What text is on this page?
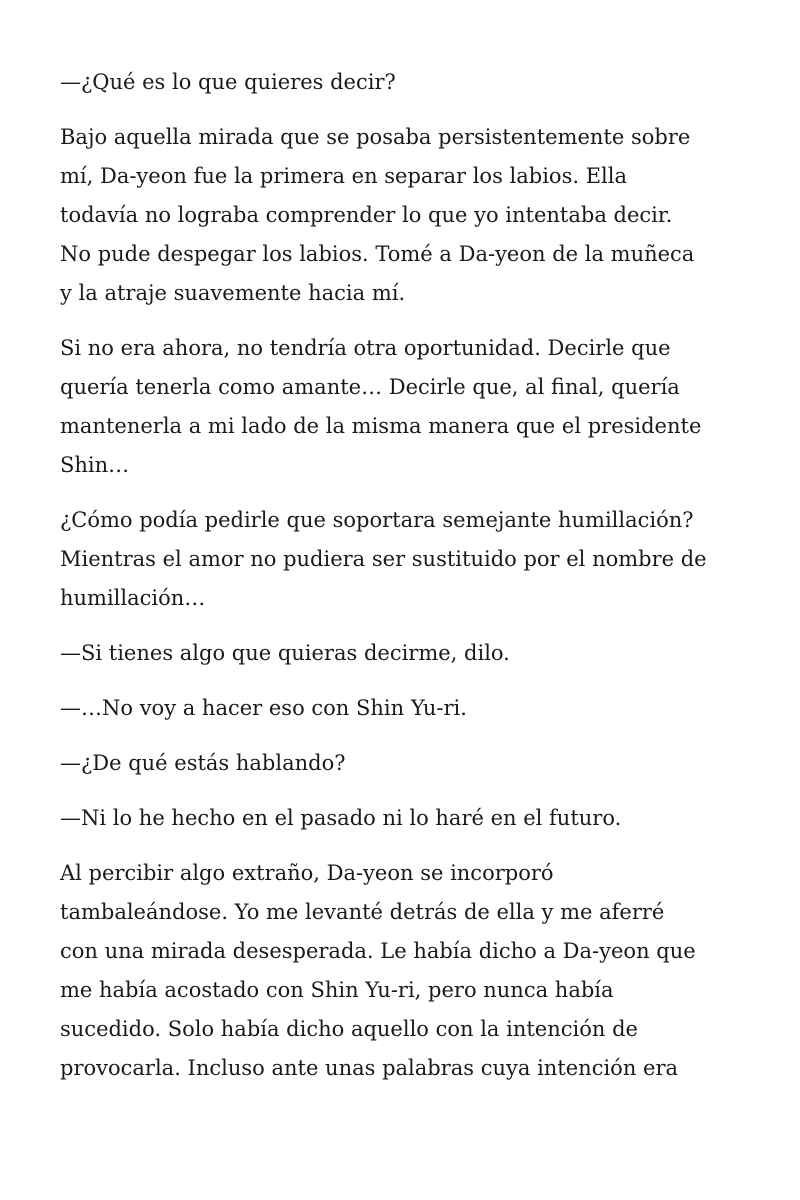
—¿Qué es lo que quieres decir?

Bajo aquella mirada que se posaba persistentemente sobre
mí, Da-yeon fue la primera en separar los labios. Ella
todavía no lograba comprender lo que yo intentaba decir.
No pude despegar los labios. Tomé a Da-yeon de la muñeca
y la atraje suavemente hacia mí.

Si no era ahora, no tendría otra oportunidad. Decirle que
quería tenerla como amante… Decirle que, al final, quería
mantenerla a mi lado de la misma manera que el presidente
Shin…

¿Cómo podía pedirle que soportara semejante humillación?
Mientras el amor no pudiera ser sustituido por el nombre de
humillación…

—Si tienes algo que quieras decirme, dilo.

—…No voy a hacer eso con Shin Yu-ri.

—¿De qué estás hablando?

—Ni lo he hecho en el pasado ni lo haré en el futuro.

Al percibir algo extraño, Da-yeon se incorporó
tambaleándose. Yo me levanté detrás de ella y me aferré
con una mirada desesperada. Le había dicho a Da-yeon que
me había acostado con Shin Yu-ri, pero nunca había
sucedido. Solo había dicho aquello con la intención de
provocarla. Incluso ante unas palabras cuya intención era
